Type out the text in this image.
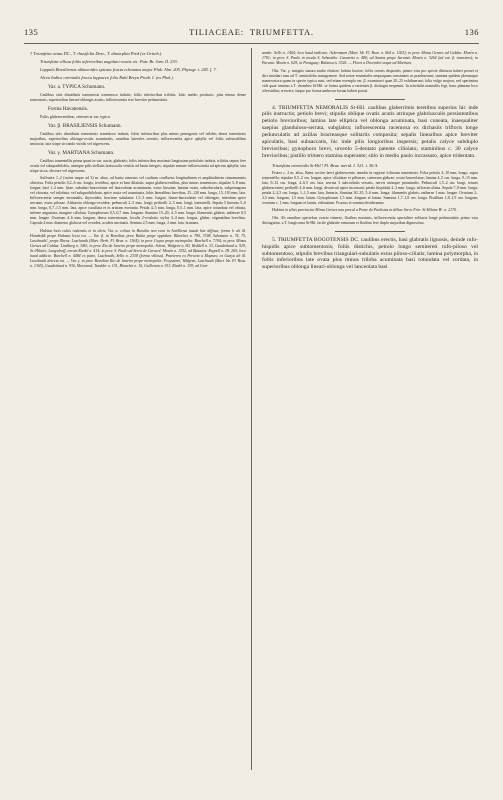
135	TILIACEAE: TRIUMFETTA.	136

† Triumfetta ovata DC., T. rhusifolia Desv., T. dimorphia Pred (ex Griseb.).

Triumfetta villosa foliis inferioribus angulato-ovatis etc. Patr. Br. Jam. II. 233.

Lappula Brasiliensis althaeoides spicata fructu echinatus major Pluk. Alm. 205, Phytogr. t. 245. f. 7.

Alcea Indica orientalis fructu lappaceo folio Rubi Breyn Prodr. I. (ex Pluk.).

Var. a. TYPICA Schumann.

Caulibus sitis dimidiatis tomentosis tomentoso indutis; foliis inferioribus trilobis, lobo medio producto, plus minus dense tomentosis, superioribus lineari-oblongis acutis; inflorescentia sive breviter pedunculata.

Forma Havanensis.

Foliis glabrescentibus, ceterum ut var. typica.

Var. β. BRASILIENSIS Schumann.

Caulibus sitis dimidiatis tomentosis tomentoso indutis; foliis inferioribus plus minus pentagonis vel trilobis dense tomentosis majoribus, superioribus oblongo-ovatis acuminatis, omnibus laterales serratis; inflorescentia apice aphylla vel foliis subsessilibus instructa; tata stirpe siccando viridis vel nigrescens.

Var. γ. MARTIANA Schumann.

Caulibus tomentellis prima quasi in var. aucta; glabratis; foliis inferioribus maximis longissime petiolatis indutis, trilobis sepius fere ovatis vel subquadrilobis, utrinque pilis stellatis laxiusculis vestitis ad basin integris; stipulae minute inflorescentia ad apicem aphylla; tata stirpe sicca, obscure vel nigrescens.

Suffrutex 1–2 (rarius usque ad 3) m. altus, ad basin ramosus vel caulium confluens longitudinem et amplitudinem cinnamomeis obtectus. Folia petiolis 0,2–6 cm. longis, teretibus, apice et basi dilatatis, supra glabrescentibus, plus minus tomentosis; stipulae 5–8 mm. longae, basi 1–2 mm. latae, subulato-lanceolatae vel lanceolatae acuminatae, extus hirsutae; lamina ovata, suborbicularis, subpentagona vel obovata, vel trilobata, vel subquadrilobata, apice acuta vel acuminata, lobis lateralibus brevibus, 25–120 mm. longa, 15–110 mm. lata. Inflorescentia semper terminalis, thyrsoidea; bracteae subulatae 1,5–3 mm. longae, linear-lanceolatae vel oblongae, interdum apice serratae, extus pilosae. Alabastra oblongo-ovoidea; pedunculi 2–5 mm. longi; pedicelli 2–3 mm. longi, tomentelli. Sepala 5 linearia 5–6 mm. longa, 0,7–1,5 mm. lata, apice cucullata et in aristam exeuntia. Petala 4–5 mm. longa, 0,5–1 mm. lata, apice rotundata vel obtusa, inferne angustata, margine ciliolata. Gynophorum 0,5–0,7 mm. longum. Stamina 15–20, 4–5 mm. longa; filamentis glabris; antherae 0,5 mm. longae. Ovarium 4–6 mm. longum, dense tomentosum, loculis 2-ovulatis; stylus 3–4 mm. longus, glaber, stigmatibus brevibus. Capsula 4 mm. diametro globosa vel ovoidea, aculeis uncinatis. Semina 2,5 mm. longa, 2 mm. lata, brunnea.

Habitat locis cultis ruderatis et in silvis. Var. a. colitur in Brasilia non rara in Antilliensi insula late diffusa; forma h. ab ill. Humboldt prope Habana lecta est. — Var. β. in Brasiliae prov. Bahia prope oppidum: Blanchet n. 780, 3748, Salzmann n. 74, 75, Luschnath!, prope Ilheos: Luschnath (Mart. Herb. Fl. Bras. n. 1364); in prov. Goyaz prope metropolin: Burchell n. 7194; in prov. Minas Geraes ad Caldas: Lindberg n. 346!; in prov. Rio de Janeiro prope metropolin: Schott, Widgren n. 80, Weddell n. 33, Gaudichaud n. 929, St.-Hilaire, Langsdorff, eorum Riedel n. 414; in prov. S. Paulo ad Serra de Caracol: Mosén n. 1552; ad Batatais: Regnell n. III. 265; loco haud addicto: Burchell n. 4484 ex parte, Luschnath, Sello n. 2338 (forma villosa). Praeterea ex Peruvia a Maynas; ex Guaya ab ill. Luschnath detecta est. — Var. γ. in prov. Brasiliae Rio de Janeiro prope metropolin: Frayssinet, Widgren, Luschnath (Mart. hb. Fl. Bras. n. 1365), Gaudichaud n. 930, Moricand, Tambler n. 151, Blanchet n. 16, Guillemin n. 913, Riedel n. 159; ad Gon-

sando: Sello n. 1404; loco haud indicato: Ackermann (Mart. hb. Fl. Bras. n. 664 n. 1363); in prov. Minas Geraes ad Caldas: Mosén n. 1791; in prov. S. Paulo in insula S. Sebastião: Casaretto n. 480; ad Santos prope Saramá: Mosén n. 3264 (ad var. β. transiens); in Parana: Mosén n. 629; in Paraguay: Balansa n. 3326. — Floret a Decembri usque ad Martium.

Obs. Var. γ. insignis statura multo elatiore, habitu laxiore, foliis crassis dispositis, primo visu pro specie distincta haberi posset et dici insidiari tum ad T. semitriloba transgrenere. Sed notae essentiales nequaquam constantes se praebuerunt; stamina quidem plerumque numerosiora quam in specie typica sunt, sed etiam exempla var. β. examinavi quae 20–25 exhibuerunt; folia vulgo majora, sed specimina vidi quae omnino a T. rhombeo St-Hil. se forma quidem a varietatis β. distingui nequeunt. In schedulis nonnullis legi, hanc plantam loco silvestribus crescere, itaque pro forma umbrosa forsan haberi possit.

4. TRIUMFETTA NEMORALIS St-Hil. caulibus glaberrimis teretibus superius hic inde pilis instructis; petiolo brevi; stipulis oblique ovatis acutis utrinque glabriusculis persistentibus petiolo brevioribus; lamina late elliptica vel oblonga acuminata, basi cuneata, inaequaliter saepius glanduloso-serrata, subglabra; inflorescentia racemosa ex dichasiis trifloris longe pedunculatis ad axillas bracteasque solitariis composita; sepalis linearibus apice breviter apiculatis, basi subsaccatis, hic inde pilis longioribus inspersis; petalis calyce subduplo brevioribus; gynophoro brevi, urceolo 5-dentato patente ciliolato; staminibus c. 30 calyce brevioribus; pistillo trimero stamina superante; stilo in medio paulo incrassato, apice tridentato.

Triumfetta nemoralis St-Hil.! Fl. Bras. merid. I. 321. t. 56 A.

Frutex c. 2 m. altus. Rami cortice laevi glabrescente, annulis in regione foliorum tomentosis. Folia petiolo 4–10 mm. longo, supra tomentello; stipulae 0,5–2 cm. longae, apice ciliolatae et piliserae, caeterum glabrae, ovato-lanceolatae; lamina 4–5 cm. longa, 9–15 mm. lata, 9–12 cm. longa, 4–6,5 cm. lata, serrata 3 subcordatis serratis, nervis utrinque prominulis. Pedunculi 1,5–2 cm. longi, tenues glabrescentes; pedicelli 4–6 mm. longi, divaricati apice incrassati; petala hispidula 2–3 mm. longa, ad basin ciliata. Sepala 7–8 mm. longa; petala 2–2,5 cm. longa, 1–1,5 mm. lata, linearia. Stamina 30–35, 5–6 mm. longa; filamentis glabris; antherae 1 mm. longae. Ovarium 2–2,5 mm. longum, 1,5 mm. latum. Gynophorum 1,5 mm. longum et latum. Stamina 1,7–1,8 cm. longa. Pistillum 1,8–1,9 cm. longum; ovarium c. 1 mm. longum et latum, echinatum. Fructus et semina desiderantur.

Habitat in silvis provinciae Minas Geraes non procul a Ponte do Paulistas in déline Serro Frio: St-Hilaire B¹. n. 2170.

Obs. Ab omnibus speciebus ovario trimero, floribus maximis, inflorescentia specialiter solitaria longe pedunculatis primo visu distinguitur, a T. longicoma St-Hil. facile glabritie ramorum et floribus fere duplo majoribus dignoscitur.

5. TRIUMFETTA BOGOTENSIS DC. caulibus erectis, basi glabratis lignosis, deinde rufo-hispidis apice subtomentosis; foliis distichis, petiolo longo semiteretí rufo-piloso vel subtomentoso, stipulis brevibus triangulari-subulatis extus piloso-ciliatis; lamina polymorpha, in foliis inferioribus late ovata plus minus triloba acuminata basi rotundata vel cordata, in superioribus oblonga lineari-oblonga vel lanceolata basi
